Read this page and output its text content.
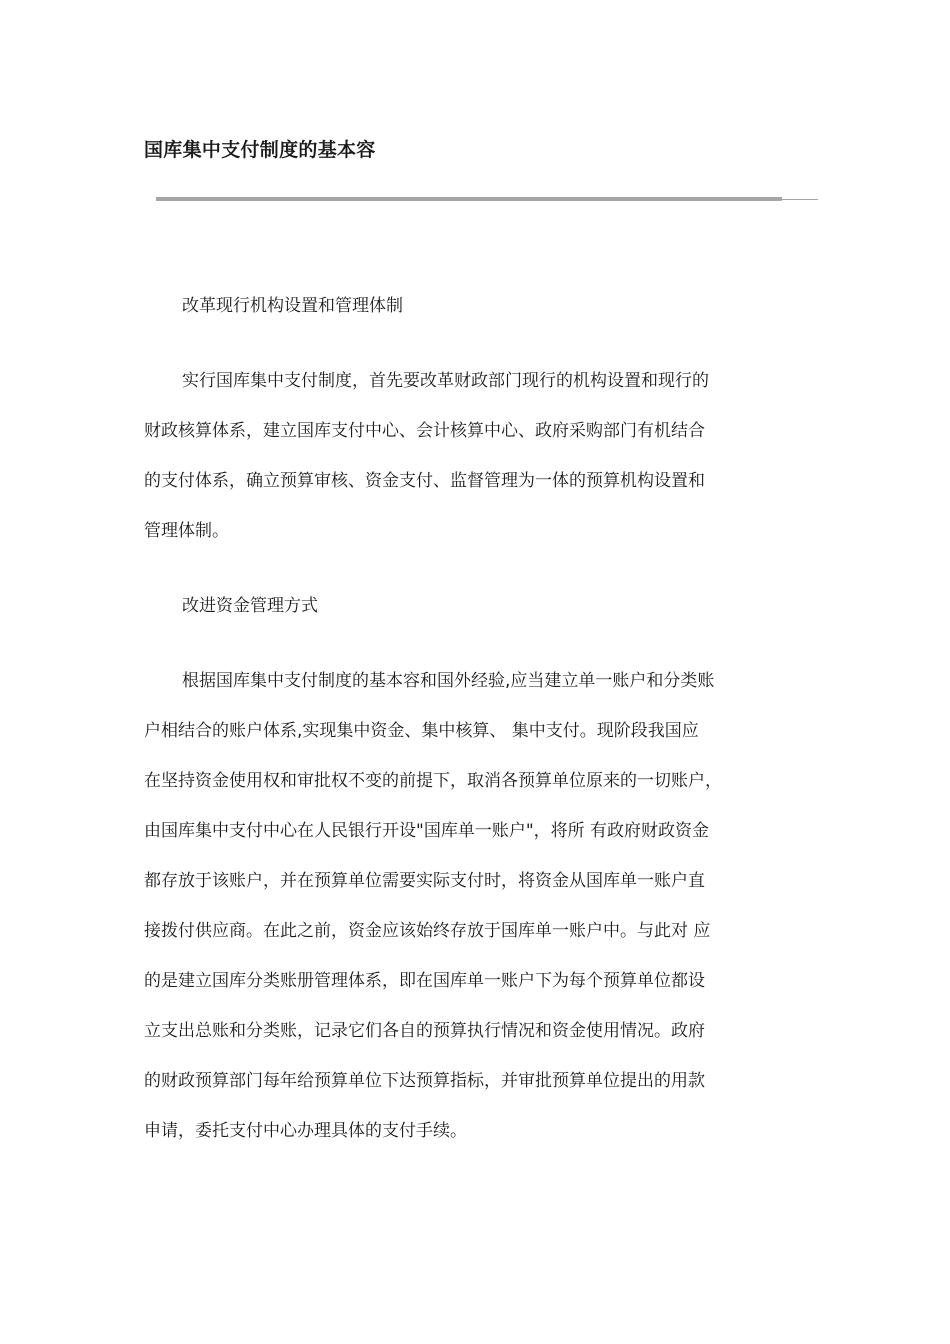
国库集中支付制度的基本容

改革现行机构设置和管理体制

实行国库集中支付制度，首先要改革财政部门现行的机构设置和现行的
财政核算体系，建立国库支付中心、会计核算中心、政府采购部门有机结合
的支付体系，确立预算审核、资金支付、监督管理为一体的预算机构设置和
管理体制。

改进资金管理方式

根据国库集中支付制度的基本容和国外经验,应当建立单一账户和分类账
户相结合的账户体系,实现集中资金、集中核算、 集中支付。现阶段我国应
在坚持资金使用权和审批权不变的前提下，取消各预算单位原来的一切账户，
由国库集中支付中心在人民银行开设"国库单一账户"，将所 有政府财政资金
都存放于该账户，并在预算单位需要实际支付时，将资金从国库单一账户直
接拨付供应商。在此之前，资金应该始终存放于国库单一账户中。与此对 应
的是建立国库分类账册管理体系，即在国库单一账户下为每个预算单位都设
立支出总账和分类账，记录它们各自的预算执行情况和资金使用情况。政府
的财政预算部门每年给预算单位下达预算指标，并审批预算单位提出的用款
申请，委托支付中心办理具体的支付手续。
